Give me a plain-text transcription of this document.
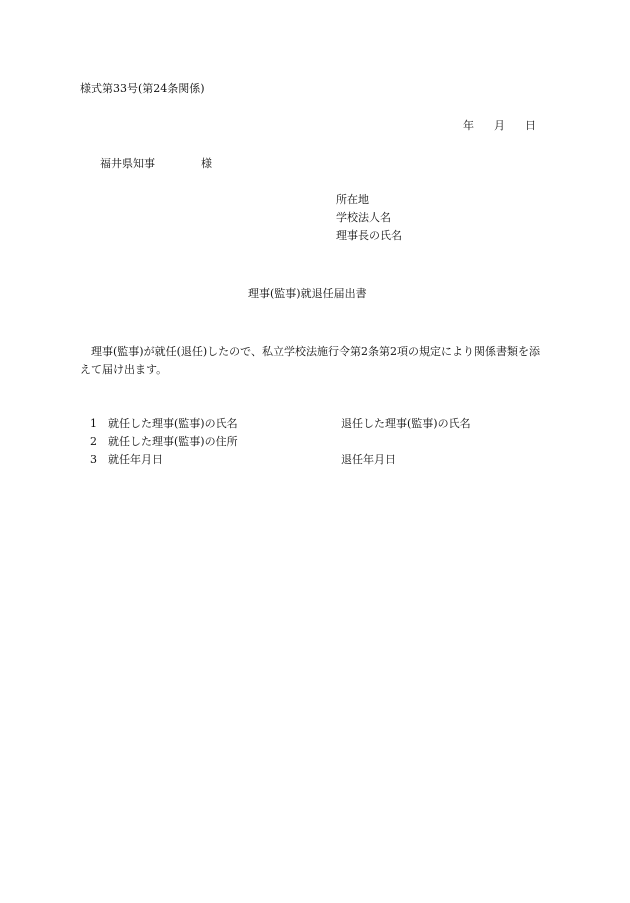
様式第33号(第24条関係)
年 月 日
福井県知事	様
所在地
学校法人名
理事長の氏名
理事(監事)就退任届出書
理事(監事)が就任(退任)したので、私立学校法施行令第2条第2項の規定により関係書類を添えて届け出ます。
1 就任した理事(監事)の氏名	退任した理事(監事)の氏名
2 就任した理事(監事)の住所
3 就任年月日	退任年月日
